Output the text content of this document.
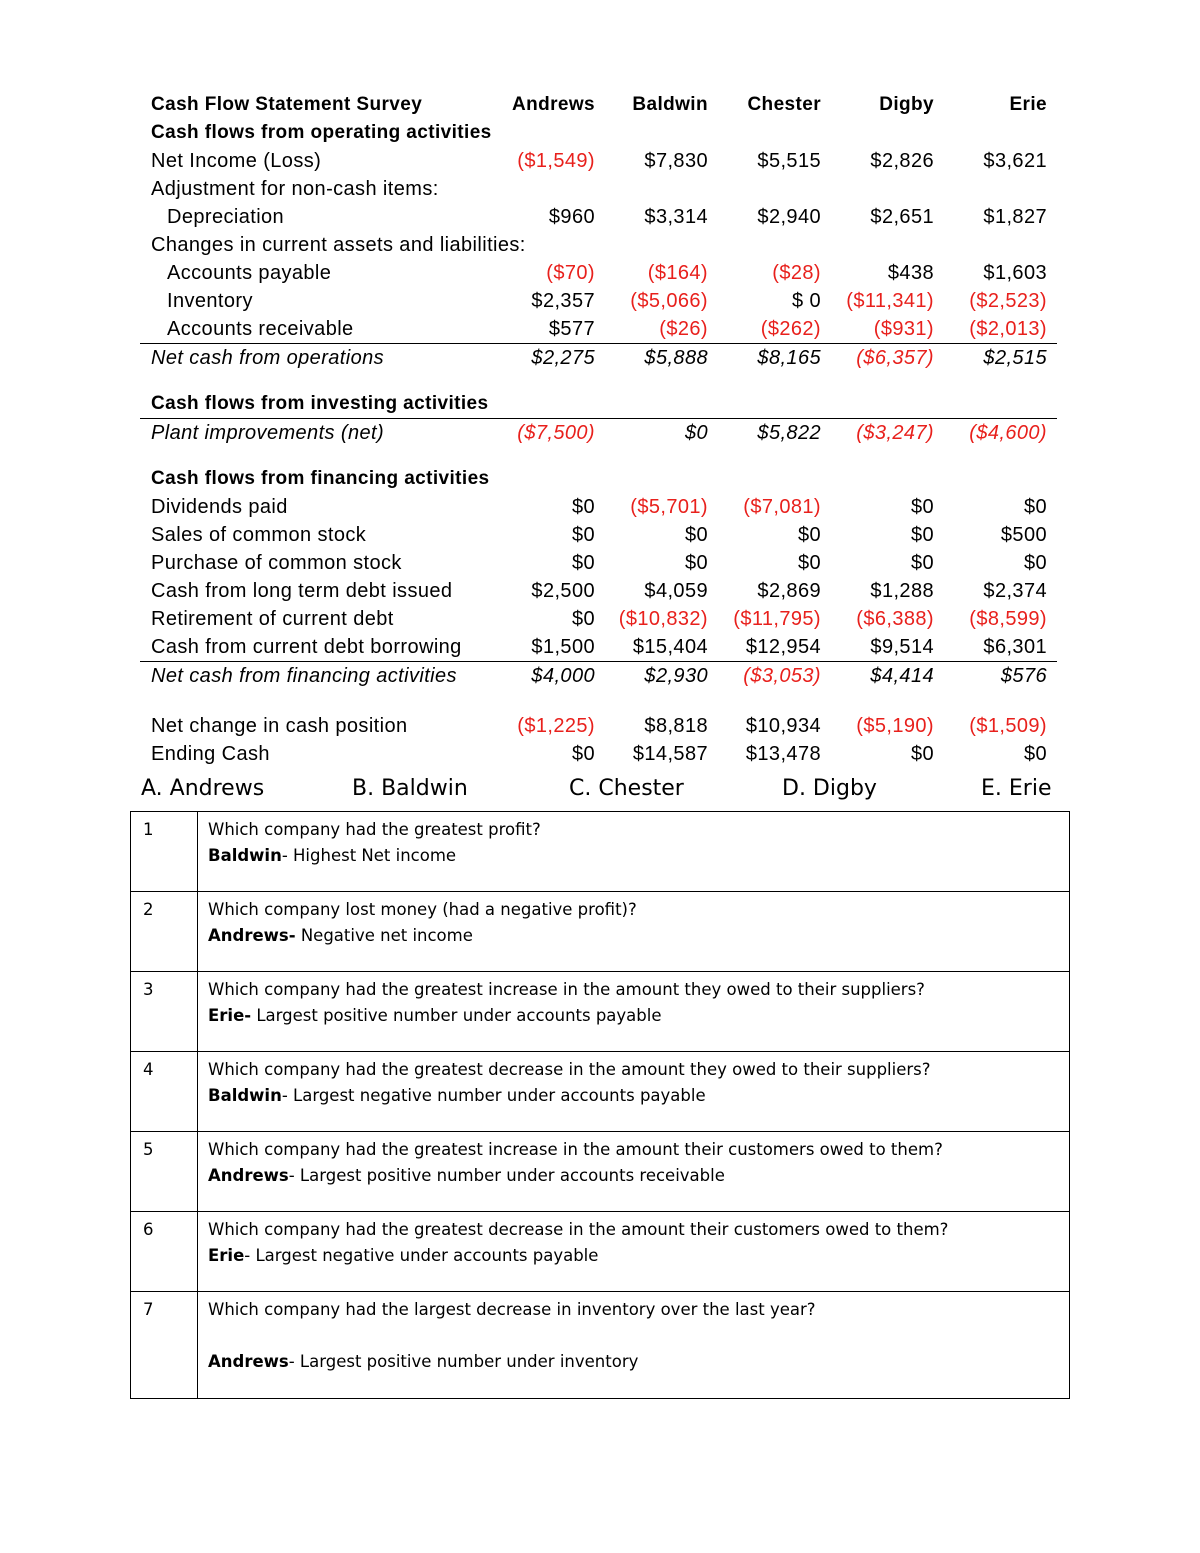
Cash Flow Statement Survey	Andrews	Baldwin	Chester	Digby	Erie
Cash flows from operating activities					
Net Income (Loss)	($1,549)	$7,830	$5,515	$2,826	$3,621
Adjustment for non-cash items:					
Depreciation	$960	$3,314	$2,940	$2,651	$1,827
Changes in current assets and liabilities:					
Accounts payable	($70)	($164)	($28)	$438	$1,603
Inventory	$2,357	($5,066)	$ 0	($11,341)	($2,523)
Accounts receivable	$577	($26)	($262)	($931)	($2,013)
Net cash from operations	$2,275	$5,888	$8,165	($6,357)	$2,515

Cash flows from investing activities					
Plant improvements (net)	($7,500)	$0	$5,822	($3,247)	($4,600)

Cash flows from financing activities					
Dividends paid	$0	($5,701)	($7,081)	$0	$0
Sales of common stock	$0	$0	$0	$0	$500
Purchase of common stock	$0	$0	$0	$0	$0
Cash from long term debt issued	$2,500	$4,059	$2,869	$1,288	$2,374
Retirement of current debt	$0	($10,832)	($11,795)	($6,388)	($8,599)
Cash from current debt borrowing	$1,500	$15,404	$12,954	$9,514	$6,301
Net cash from financing activities	$4,000	$2,930	($3,053)	$4,414	$576

Net change in cash position	($1,225)	$8,818	$10,934	($5,190)	($1,509)
Ending Cash	$0	$14,587	$13,478	$0	$0
A. Andrews	B. Baldwin	C. Chester	D. Digby	E. Erie
1	Which company had the greatest profit?
Baldwin- Highest Net income

2	Which company lost money (had a negative profit)?
Andrews- Negative net income

3	Which company had the greatest increase in the amount they owed to their suppliers?
Erie- Largest positive number under accounts payable

4	Which company had the greatest decrease in the amount they owed to their suppliers?
Baldwin- Largest negative number under accounts payable

5	Which company had the greatest increase in the amount their customers owed to them?
Andrews- Largest positive number under accounts receivable

6	Which company had the greatest decrease in the amount their customers owed to them?
Erie- Largest negative under accounts payable

7	Which company had the largest decrease in inventory over the last year?
Andrews- Largest positive number under inventory
